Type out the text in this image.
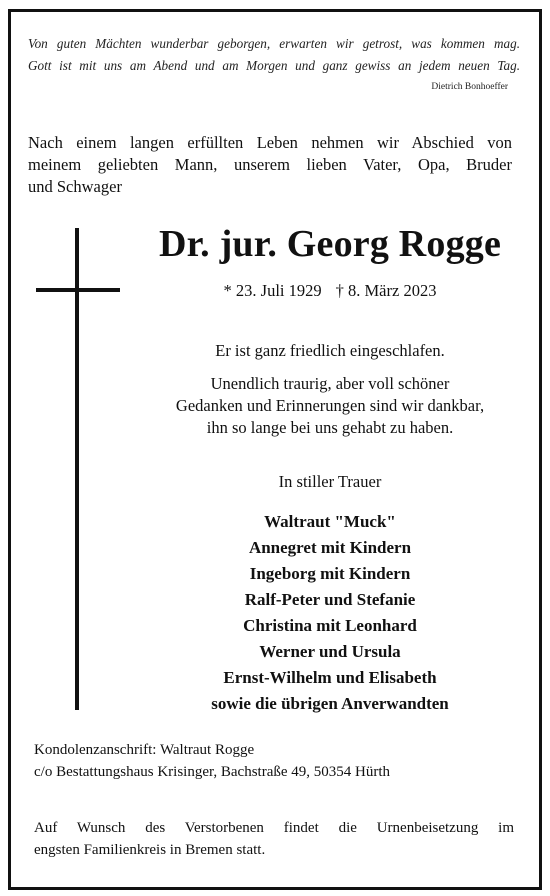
Von guten Mächten wunderbar geborgen, erwarten wir getrost, was kommen mag.
Gott ist mit uns am Abend und am Morgen und ganz gewiss an jedem neuen Tag.
Dietrich Bonhoeffer
Nach einem langen erfüllten Leben nehmen wir Abschied von
meinem geliebten Mann, unserem lieben Vater, Opa, Bruder
und Schwager
Dr. jur. Georg Rogge
* 23. Juli 1929 † 8. März 2023
Er ist ganz friedlich eingeschlafen.
Unendlich traurig, aber voll schöner
Gedanken und Erinnerungen sind wir dankbar,
ihn so lange bei uns gehabt zu haben.
In stiller Trauer
Waltraut "Muck"
Annegret mit Kindern
Ingeborg mit Kindern
Ralf-Peter und Stefanie
Christina mit Leonhard
Werner und Ursula
Ernst-Wilhelm und Elisabeth
sowie die übrigen Anverwandten
Kondolenzanschrift: Waltraut Rogge
c/o Bestattungshaus Krisinger, Bachstraße 49, 50354 Hürth
Auf Wunsch des Verstorbenen findet die Urnenbeisetzung im
engsten Familienkreis in Bremen statt.
